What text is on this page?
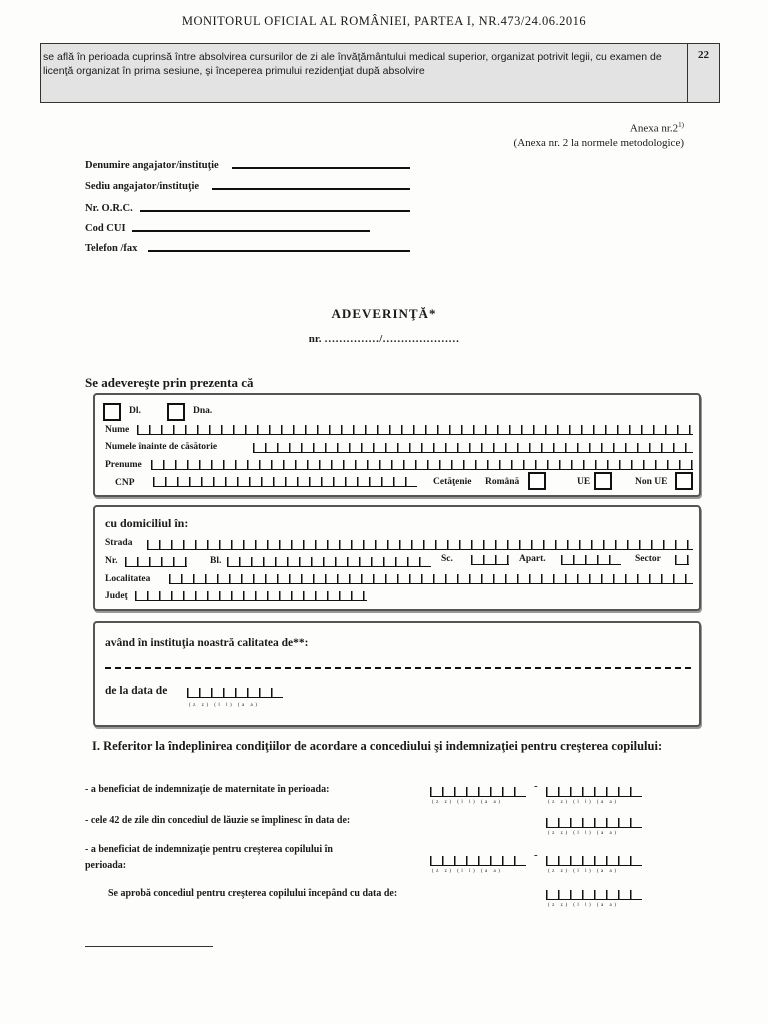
MONITORUL OFICIAL AL ROMÂNIEI, PARTEA I, NR.473/24.06.2016
se află în perioada cuprinsă între absolvirea cursurilor de zi ale învăţământului medical superior, organizat potrivit legii, cu examen de licenţă organizat în prima sesiune, şi începerea primului rezidenţiat după absolvire
22
Anexa nr.2$^{1)}$
(Anexa nr. 2 la normele metodologice)
Denumire angajator/instituţie
Sediu angajator/instituţie
Nr. O.R.C.
Cod CUI
Telefon /fax
ADEVERINŢĂ*
nr. ……………/…………………
Se adevereşte prin prezenta că
Dl.	Dna.
Nume
Numele înainte de căsătorie
Prenume
CNP	Cetăţenie Română	UE	Non UE
cu domiciliul în:
Strada
Nr.	Bl.	Sc.	Apart.	Sector
Localitatea
Judeţ
având în instituţia noastră calitatea de**:
de la data de
(z z) (l l) (a a)
I. Referitor la îndeplinirea condiţiilor de acordare a concediului şi indemnizaţiei pentru creşterea copilului:
- a beneficiat de indemnizaţie de maternitate în perioada:
(z z) (l l) (a a)
-
(z z) (l l) (a a)
- cele 42 de zile din concediul de lăuzie se împlinesc în data de:
(z z) (l l) (a a)
- a beneficiat de indemnizaţie pentru creşterea copilului în
perioada:
(z z) (l l) (a a)
-
(z z) (l l) (a a)
Se aprobă concediul pentru creşterea copilului începând cu data de:
(z z) (l l) (a a)
